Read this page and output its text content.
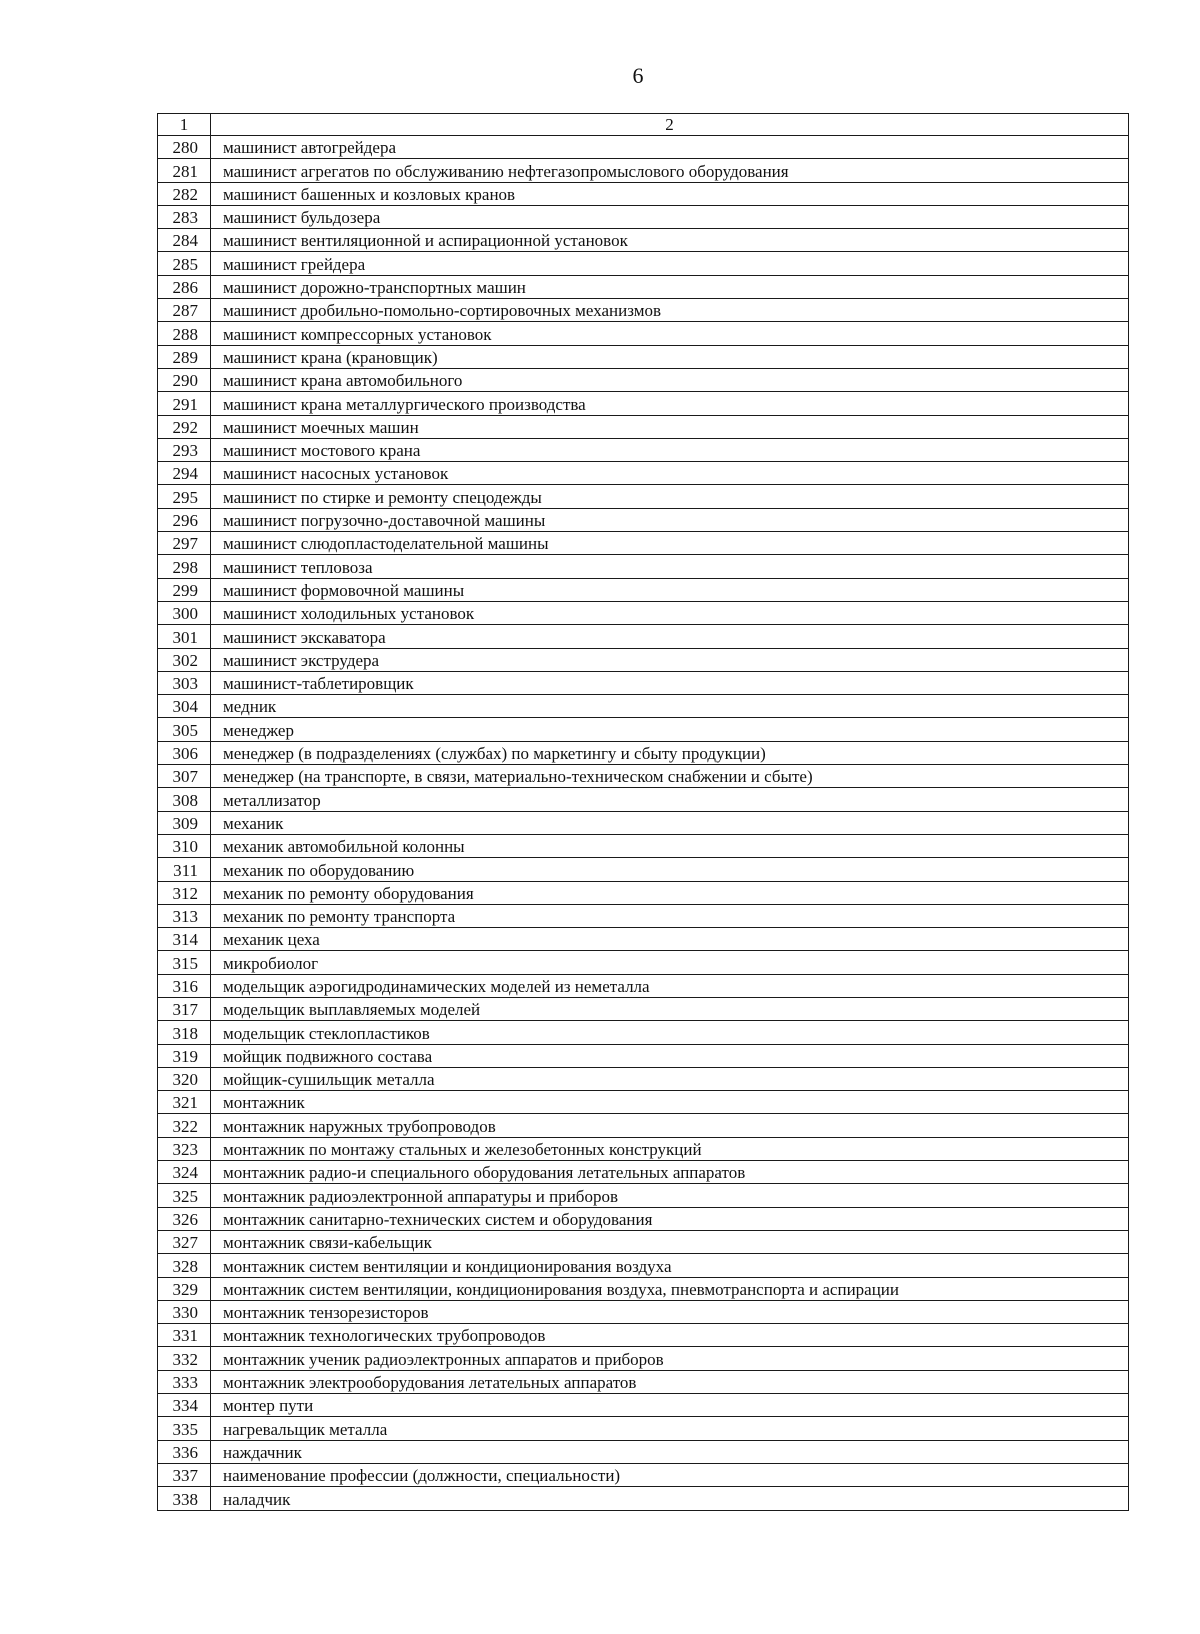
6
1	2
280	машинист автогрейдера
281	машинист агрегатов по обслуживанию нефтегазопромыслового оборудования
282	машинист башенных и козловых кранов
283	машинист бульдозера
284	машинист вентиляционной и аспирационной установок
285	машинист грейдера
286	машинист дорожно-транспортных машин
287	машинист дробильно-помольно-сортировочных механизмов
288	машинист компрессорных установок
289	машинист крана (крановщик)
290	машинист крана автомобильного
291	машинист крана металлургического производства
292	машинист моечных машин
293	машинист мостового крана
294	машинист насосных установок
295	машинист по стирке и ремонту спецодежды
296	машинист погрузочно-доставочной машины
297	машинист слюдопластоделательной машины
298	машинист тепловоза
299	машинист формовочной машины
300	машинист холодильных установок
301	машинист экскаватора
302	машинист экструдера
303	машинист-таблетировщик
304	медник
305	менеджер
306	менеджер (в подразделениях (службах) по маркетингу и сбыту продукции)
307	менеджер (на транспорте, в связи, материально-техническом снабжении и сбыте)
308	металлизатор
309	механик
310	механик автомобильной колонны
311	механик по оборудованию
312	механик по ремонту оборудования
313	механик по ремонту транспорта
314	механик цеха
315	микробиолог
316	модельщик аэрогидродинамических моделей из неметалла
317	модельщик выплавляемых моделей
318	модельщик стеклопластиков
319	мойщик подвижного состава
320	мойщик-сушильщик металла
321	монтажник
322	монтажник наружных трубопроводов
323	монтажник по монтажу стальных и железобетонных конструкций
324	монтажник радио-и специального оборудования летательных аппаратов
325	монтажник радиоэлектронной аппаратуры и приборов
326	монтажник санитарно-технических систем и оборудования
327	монтажник связи-кабельщик
328	монтажник систем вентиляции и кондиционирования воздуха
329	монтажник систем вентиляции, кондиционирования воздуха, пневмотранспорта и аспирации
330	монтажник тензорезисторов
331	монтажник технологических трубопроводов
332	монтажник ученик радиоэлектронных аппаратов и приборов
333	монтажник электрооборудования летательных аппаратов
334	монтер пути
335	нагревальщик металла
336	наждачник
337	наименование профессии (должности, специальности)
338	наладчик
